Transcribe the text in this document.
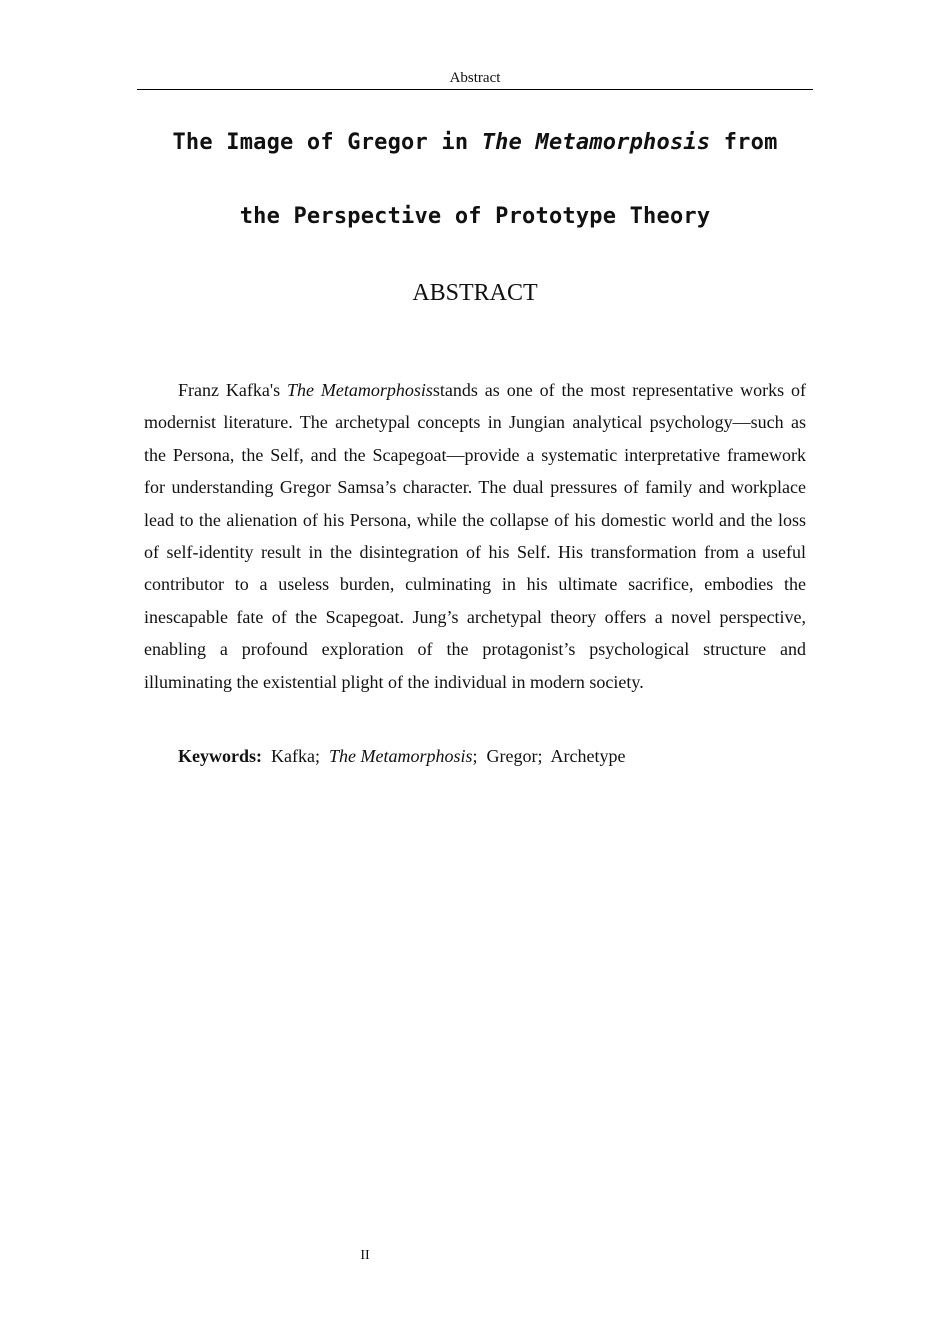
Abstract
The Image of Gregor in The Metamorphosis from
the Perspective of Prototype Theory
ABSTRACT

Franz Kafka's The Metamorphosisstands as one of the most representative works of modernist literature. The archetypal concepts in Jungian analytical psychology—such as the Persona, the Self, and the Scapegoat—provide a systematic interpretative framework for understanding Gregor Samsa’s character. The dual pressures of family and workplace lead to the alienation of his Persona, while the collapse of his domestic world and the loss of self-identity result in the disintegration of his Self. His transformation from a useful contributor to a useless burden, culminating in his ultimate sacrifice, embodies the inescapable fate of the Scapegoat. Jung’s archetypal theory offers a novel perspective, enabling a profound exploration of the protagonist’s psychological structure and illuminating the existential plight of the individual in modern society.

Keywords: Kafka; The Metamorphosis; Gregor; Archetype

II
